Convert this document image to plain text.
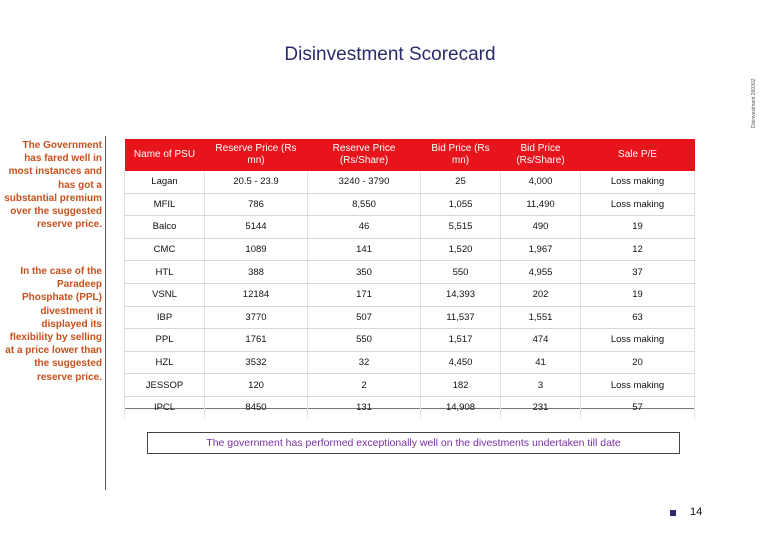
Disinvestment Scorecard
Disinvestment 260302
The Government has fared well in most instances and has got a substantial premium over the suggested reserve price.
In the case of the Paradeep Phosphate (PPL) divestment it displayed its flexibility by selling at a price lower than the suggested reserve price.
Name of PSU	Reserve Price (Rs mn)	Reserve Price (Rs/Share)	Bid Price (Rs mn)	Bid Price (Rs/Share)	Sale P/E
Lagan	20.5 - 23.9	3240 - 3790	25	4,000	Loss making
MFIL	786	8,550	1,055	11,490	Loss making
Balco	5144	46	5,515	490	19
CMC	1089	141	1,520	1,967	12
HTL	388	350	550	4,955	37
VSNL	12184	171	14,393	202	19
IBP	3770	507	11,537	1,551	63
PPL	1761	550	1,517	474	Loss making
HZL	3532	32	4,450	41	20
JESSOP	120	2	182	3	Loss making
IPCL	8450	131	14,908	231	57
The government has performed exceptionally well on the divestments undertaken till date
14
